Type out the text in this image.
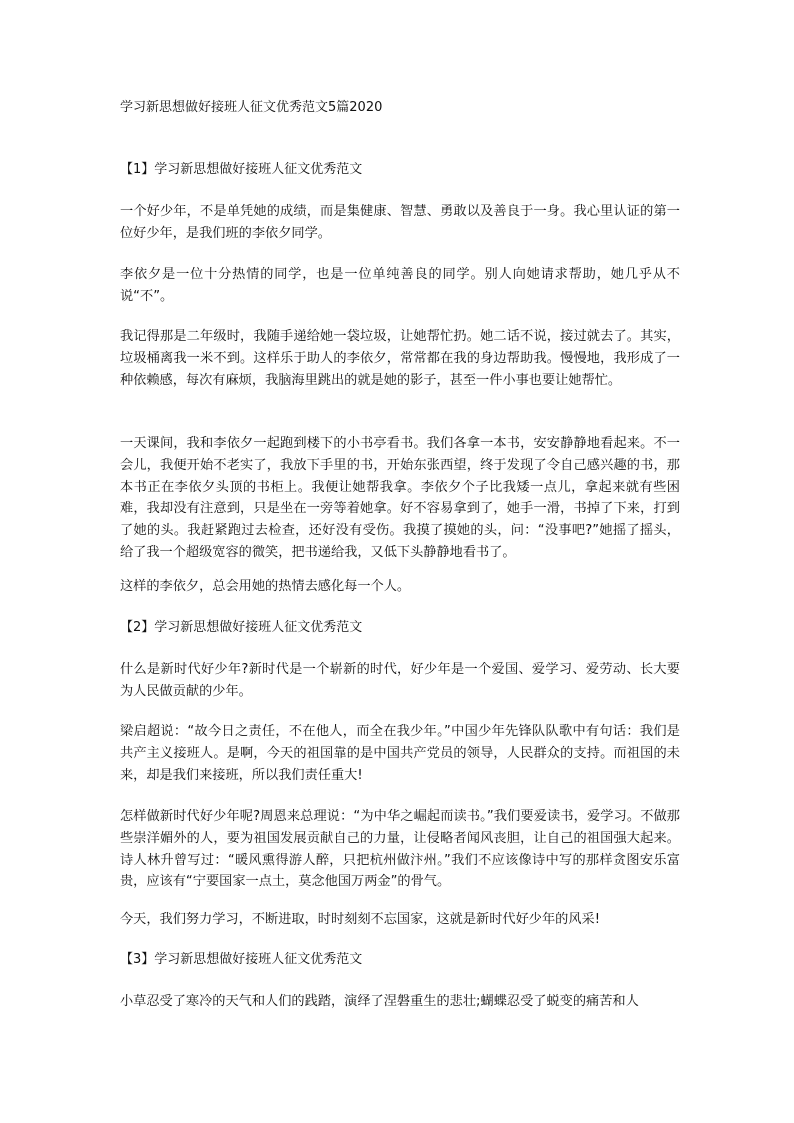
学习新思想做好接班人征文优秀范文5篇2020
【1】学习新思想做好接班人征文优秀范文

一个好少年，不是单凭她的成绩，而是集健康、智慧、勇敢以及善良于一身。我心里认证的第一位好少年，是我们班的李依夕同学。

李依夕是一位十分热情的同学，也是一位单纯善良的同学。别人向她请求帮助，她几乎从不说“不”。

我记得那是二年级时，我随手递给她一袋垃圾，让她帮忙扔。她二话不说，接过就去了。其实，垃圾桶离我一米不到。这样乐于助人的李依夕，常常都在我的身边帮助我。慢慢地，我形成了一种依赖感，每次有麻烦，我脑海里跳出的就是她的影子，甚至一件小事也要让她帮忙。

一天课间，我和李依夕一起跑到楼下的小书亭看书。我们各拿一本书，安安静静地看起来。不一会儿，我便开始不老实了，我放下手里的书，开始东张西望，终于发现了令自己感兴趣的书，那本书正在李依夕头顶的书柜上。我便让她帮我拿。李依夕个子比我矮一点儿，拿起来就有些困难，我却没有注意到，只是坐在一旁等着她拿。好不容易拿到了，她手一滑，书掉了下来，打到了她的头。我赶紧跑过去检查，还好没有受伤。我摸了摸她的头，问：“没事吧?”她摇了摇头，给了我一个超级宽容的微笑，把书递给我，又低下头静静地看书了。

这样的李依夕，总会用她的热情去感化每一个人。

【2】学习新思想做好接班人征文优秀范文

什么是新时代好少年?新时代是一个崭新的时代，好少年是一个爱国、爱学习、爱劳动、长大要为人民做贡献的少年。

梁启超说：“故今日之责任，不在他人，而全在我少年。”中国少年先锋队队歌中有句话：我们是共产主义接班人。是啊，今天的祖国靠的是中国共产党员的领导，人民群众的支持。而祖国的未来，却是我们来接班，所以我们责任重大!

怎样做新时代好少年呢?周恩来总理说：“为中华之崛起而读书。”我们要爱读书，爱学习。不做那些崇洋媚外的人，要为祖国发展贡献自己的力量，让侵略者闻风丧胆，让自己的祖国强大起来。诗人林升曾写过：“暖风熏得游人醉，只把杭州做汴州。”我们不应该像诗中写的那样贪图安乐富贵，应该有“宁要国家一点土，莫念他国万两金”的骨气。

今天，我们努力学习，不断进取，时时刻刻不忘国家，这就是新时代好少年的风采!

【3】学习新思想做好接班人征文优秀范文

小草忍受了寒冷的天气和人们的践踏，演绎了涅磐重生的悲壮;蝴蝶忍受了蜕变的痛苦和人
